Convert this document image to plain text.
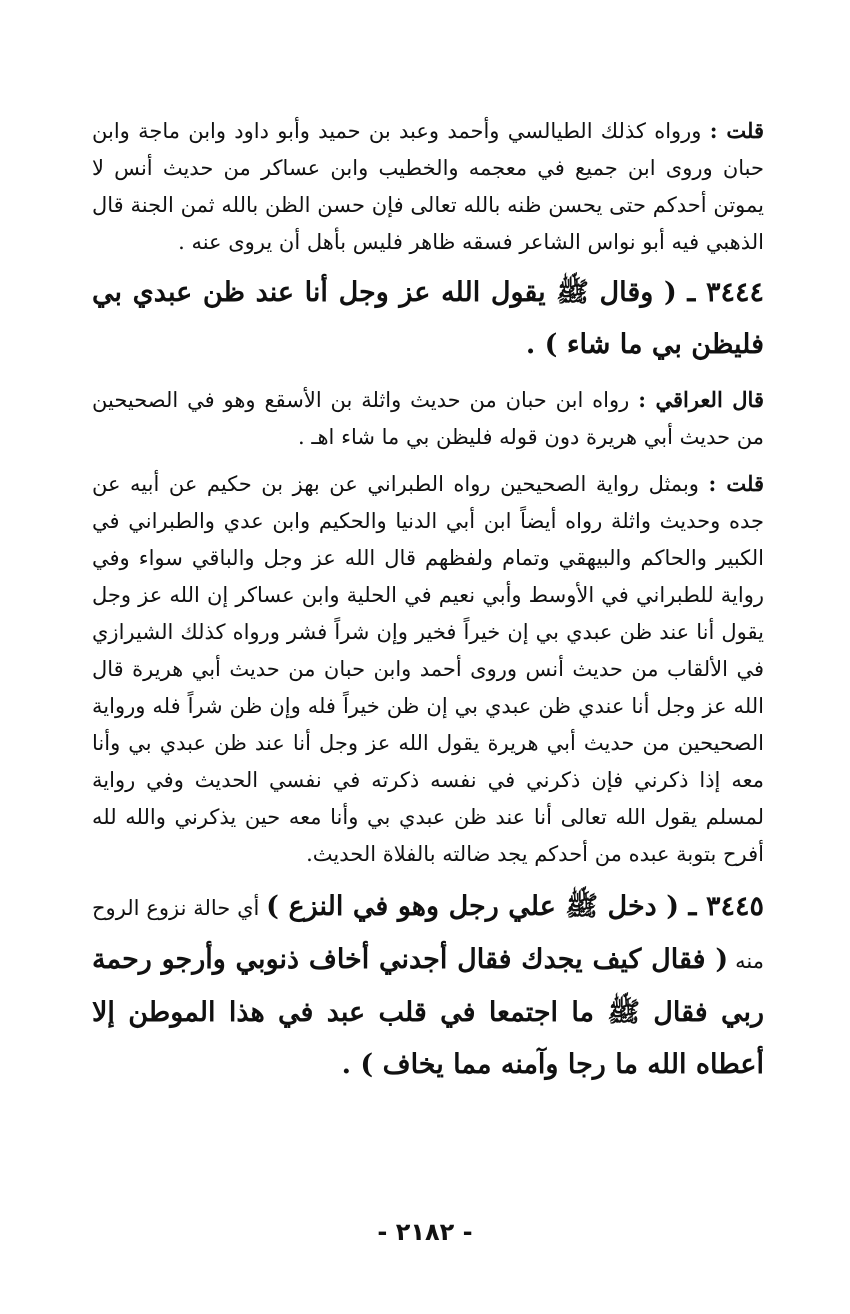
قلت : ورواه كذلك الطيالسي وأحمد وعبد بن حميد وأبو داود وابن ماجة وابن حبان وروى ابن جميع في معجمه والخطيب وابن عساكر من حديث أنس لا يموتن أحدكم حتى يحسن ظنه بالله تعالى فإن حسن الظن بالله ثمن الجنة قال الذهبي فيه أبو نواس الشاعر فسقه ظاهر فليس بأهل أن يروى عنه .

٣٤٤٤ ـ ( وقال ﷺ يقول الله عز وجل أنا عند ظن عبدي بي فليظن بي ما شاء ) .

قال العراقي : رواه ابن حبان من حديث واثلة بن الأسقع وهو في الصحيحين من حديث أبي هريرة دون قوله فليظن بي ما شاء اهـ .

قلت : وبمثل رواية الصحيحين رواه الطبراني عن بهز بن حكيم عن أبيه عن جده وحديث واثلة رواه أيضاً ابن أبي الدنيا والحكيم وابن عدي والطبراني في الكبير والحاكم والبيهقي وتمام ولفظهم قال الله عز وجل والباقي سواء وفي رواية للطبراني في الأوسط وأبي نعيم في الحلية وابن عساكر إن الله عز وجل يقول أنا عند ظن عبدي بي إن خيراً فخير وإن شراً فشر ورواه كذلك الشيرازي في الألقاب من حديث أنس وروى أحمد وابن حبان من حديث أبي هريرة قال الله عز وجل أنا عندي ظن عبدي بي إن ظن خيراً فله وإن ظن شراً فله ورواية الصحيحين من حديث أبي هريرة يقول الله عز وجل أنا عند ظن عبدي بي وأنا معه إذا ذكرني فإن ذكرني في نفسه ذكرته في نفسي الحديث وفي رواية لمسلم يقول الله تعالى أنا عند ظن عبدي بي وأنا معه حين يذكرني والله لله أفرح بتوبة عبده من أحدكم يجد ضالته بالفلاة الحديث.

٣٤٤٥ ـ ( دخل ﷺ علي رجل وهو في النزع ) أي حالة نزوع الروح منه ( فقال كيف يجدك فقال أجدني أخاف ذنوبي وأرجو رحمة ربي فقال ﷺ ما اجتمعا في قلب عبد في هذا الموطن إلا أعطاه الله ما رجا وآمنه مما يخاف ) .

- ٢١٨٢ -
